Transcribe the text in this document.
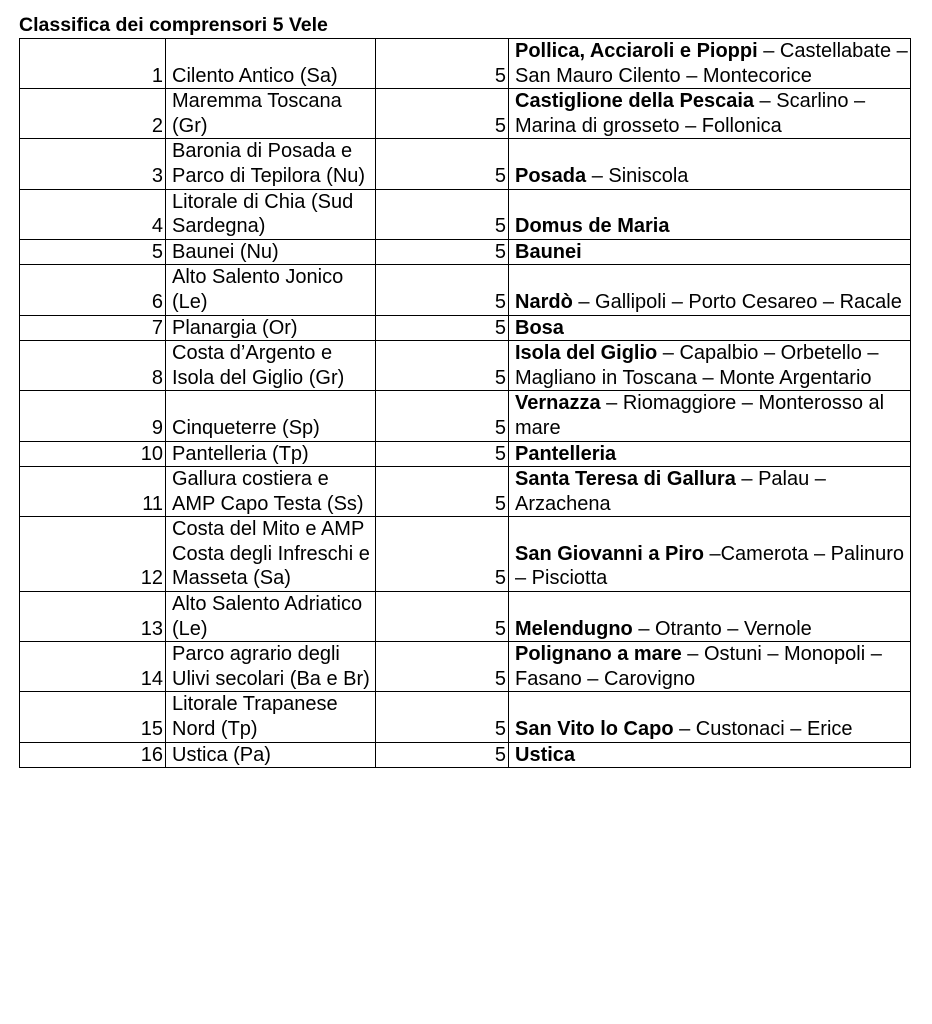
Classifica dei comprensori 5 Vele
1	Cilento Antico (Sa)	5	Pollica, Acciaroli e Pioppi – Castellabate – San Mauro Cilento – Montecorice
2	Maremma Toscana (Gr)	5	Castiglione della Pescaia – Scarlino – Marina di grosseto – Follonica
3	Baronia di Posada e Parco di Tepilora (Nu)	5	Posada – Siniscola
4	Litorale di Chia (Sud Sardegna)	5	Domus de Maria
5	Baunei (Nu)	5	Baunei
6	Alto Salento Jonico (Le)	5	Nardò – Gallipoli – Porto Cesareo – Racale
7	Planargia (Or)	5	Bosa
8	Costa d’Argento e Isola del Giglio (Gr)	5	Isola del Giglio – Capalbio – Orbetello – Magliano in Toscana – Monte Argentario
9	Cinqueterre (Sp)	5	Vernazza – Riomaggiore – Monterosso al mare
10	Pantelleria (Tp)	5	Pantelleria
11	Gallura costiera e AMP Capo Testa (Ss)	5	Santa Teresa di Gallura – Palau – Arzachena
12	Costa del Mito e AMP Costa degli Infreschi e Masseta (Sa)	5	San Giovanni a Piro –Camerota – Palinuro – Pisciotta
13	Alto Salento Adriatico (Le)	5	Melendugno – Otranto – Vernole
14	Parco agrario degli Ulivi secolari (Ba e Br)	5	Polignano a mare – Ostuni – Monopoli – Fasano – Carovigno
15	Litorale Trapanese Nord (Tp)	5	San Vito lo Capo – Custonaci – Erice
16	Ustica (Pa)	5	Ustica
